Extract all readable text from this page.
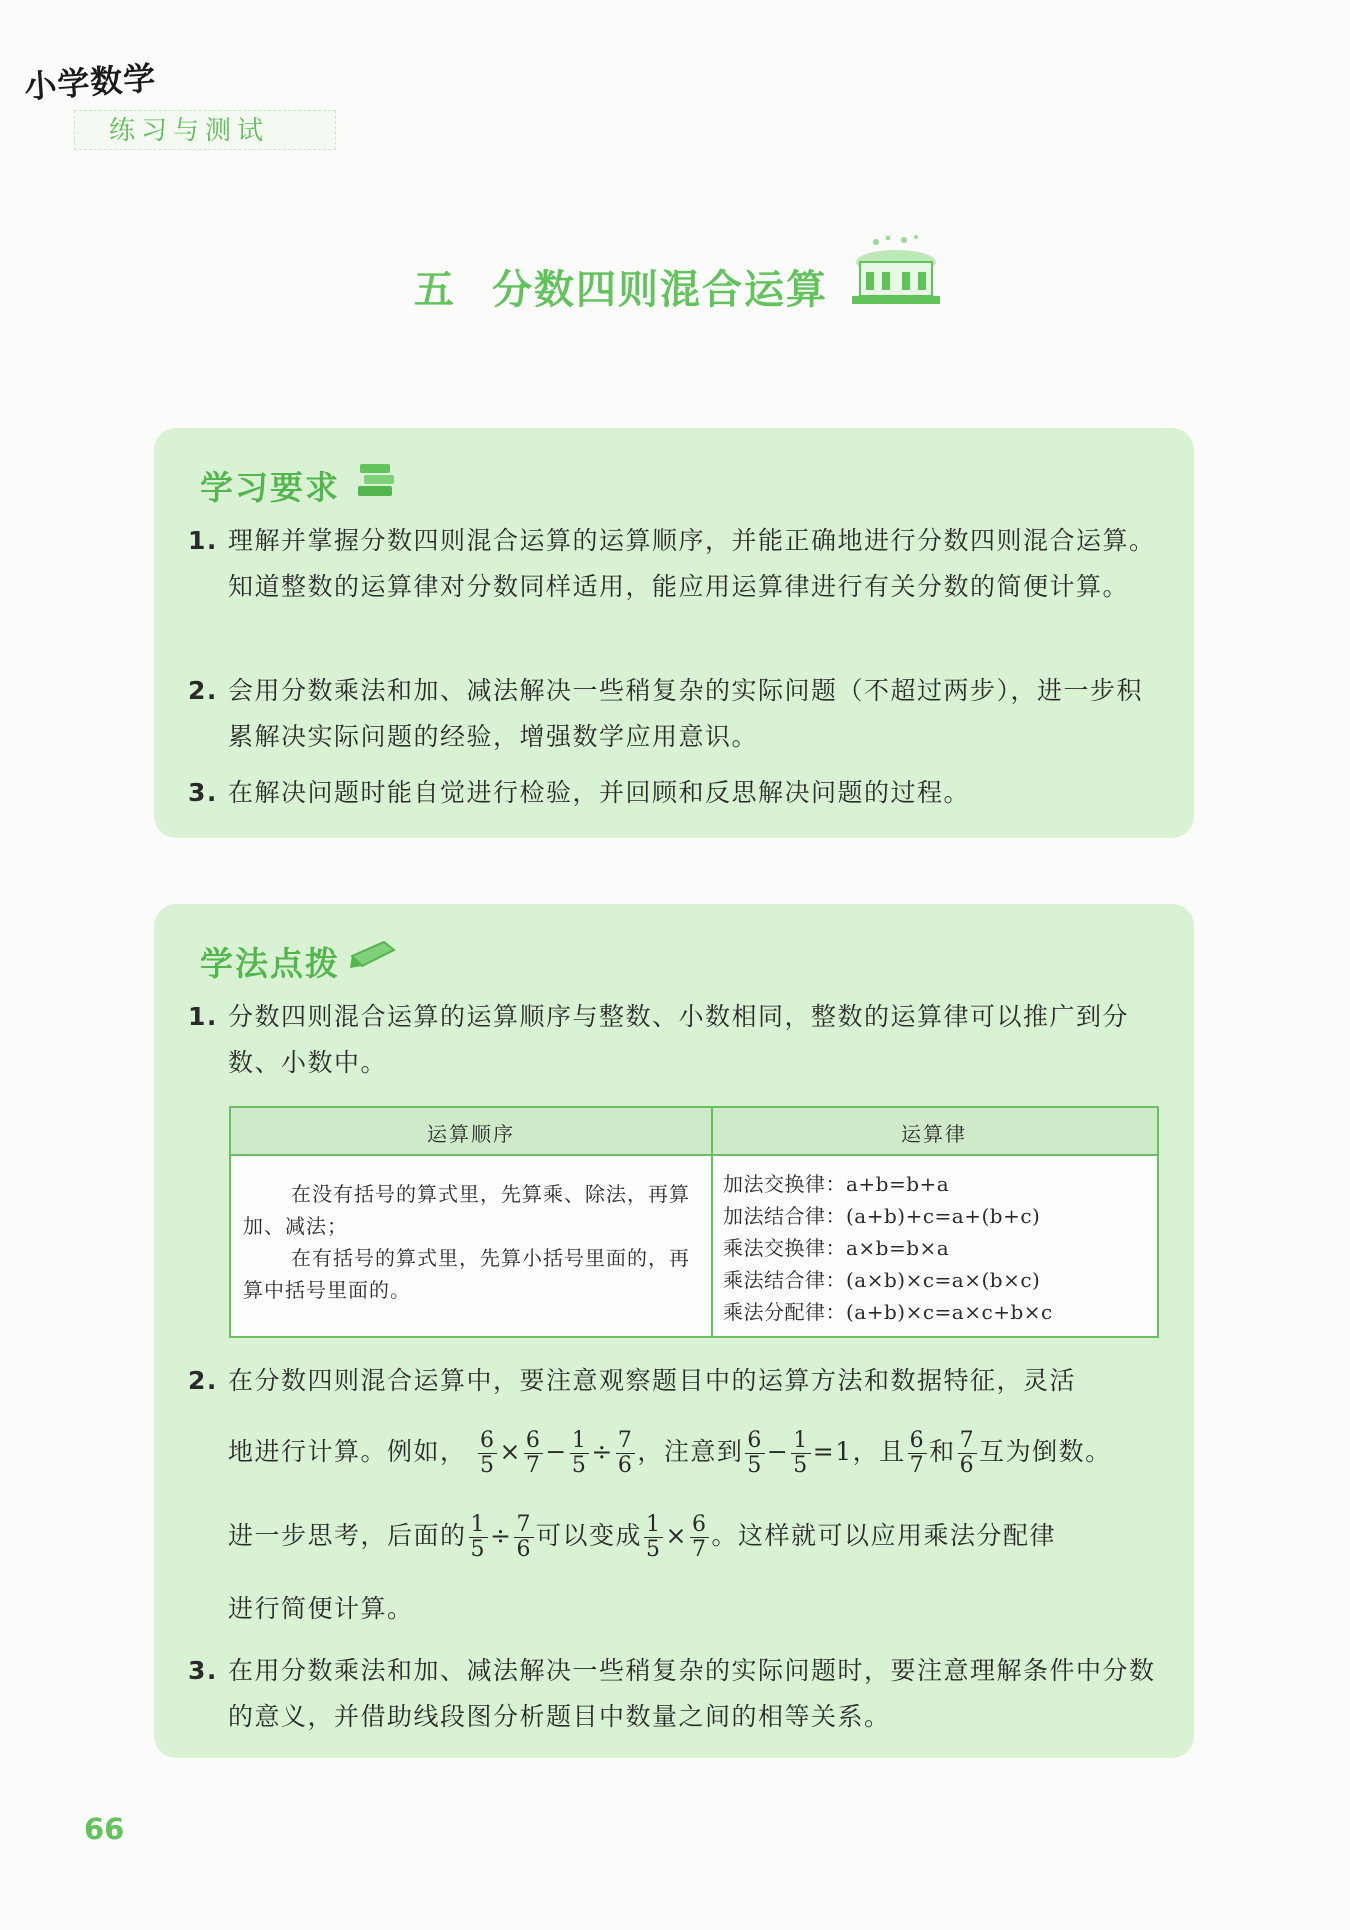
小学数学
练习与测试
五 分数四则混合运算
学习要求
1. 理解并掌握分数四则混合运算的运算顺序，并能正确地进行分数四则混合运算。知道整数的运算律对分数同样适用，能应用运算律进行有关分数的简便计算。
2. 会用分数乘法和加、减法解决一些稍复杂的实际问题（不超过两步），进一步积累解决实际问题的经验，增强数学应用意识。
3. 在解决问题时能自觉进行检验，并回顾和反思解决问题的过程。
学法点拨
1. 分数四则混合运算的运算顺序与整数、小数相同，整数的运算律可以推广到分数、小数中。
运算顺序	运算律

在没有括号的算式里，先算乘、除法，再算加、减法；

在有括号的算式里，先算小括号里面的，再算中括号里面的。

加法交换律：a+b=b+a
加法结合律：(a+b)+c=a+(b+c)
乘法交换律：a×b=b×a
乘法结合律：(a×b)×c=a×(b×c)
乘法分配律：(a+b)×c=a×c+b×c
2. 在分数四则混合运算中，要注意观察题目中的运算方法和数据特征，灵活
地进行计算。例如， $\frac{6}{5} \times \frac{6}{7} - \frac{1}{5} \div \frac{7}{6}$ ，注意到 $\frac{6}{5} - \frac{1}{5} =1$，且 $\frac{6}{7}$ 和 $\frac{7}{6}$ 互为倒数。
进一步思考，后面的 $\frac{1}{5} \div \frac{7}{6}$ 可以变成 $\frac{1}{5} \times \frac{6}{7}$ 。这样就可以应用乘法分配律
进行简便计算。
3. 在用分数乘法和加、减法解决一些稍复杂的实际问题时，要注意理解条件中分数的意义，并借助线段图分析题目中数量之间的相等关系。
66
